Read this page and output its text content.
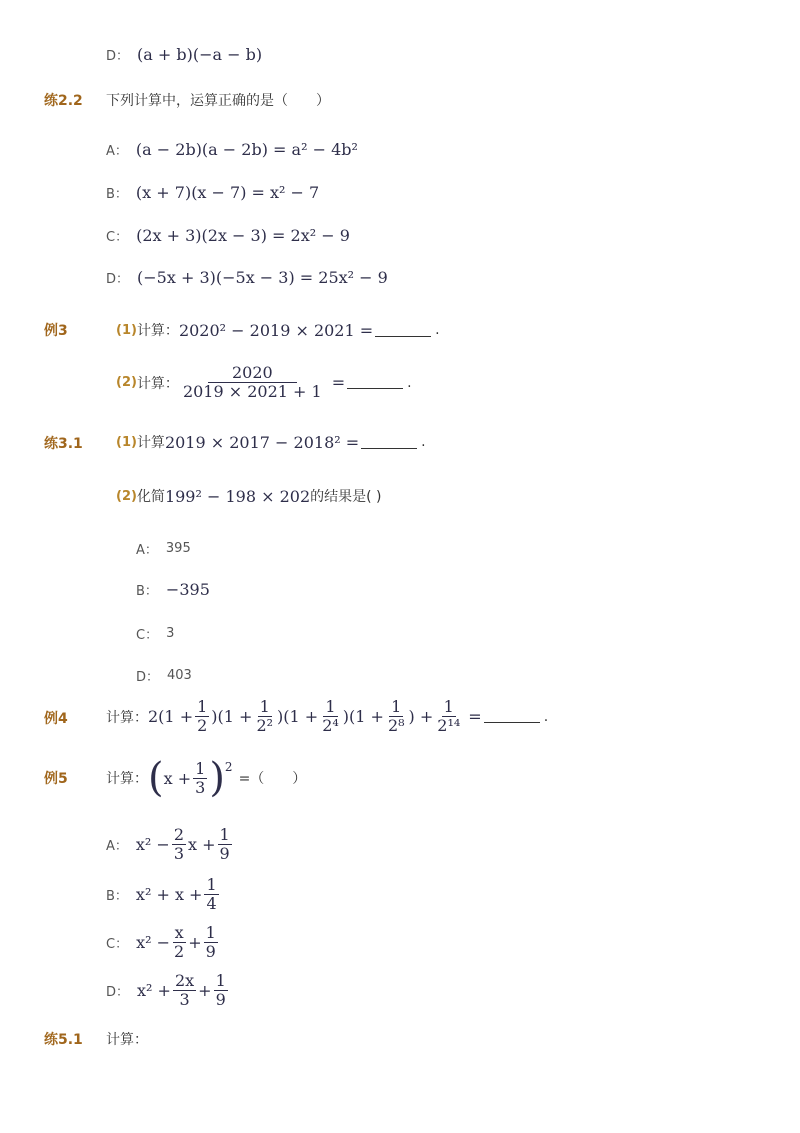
D： (a + b)(−a − b)
练2.2 下列计算中，运算正确的是（　　）
A： (a − 2b)(a − 2b) = a² − 4b²
B： (x + 7)(x − 7) = x² − 7
C： (2x + 3)(2x − 3) = 2x² − 9
D： (−5x + 3)(−5x − 3) = 25x² − 9
例3	(1) 计算： 2020² − 2019 × 2021 =	.
(2) 计算： $\frac{2020}{2019 \times 2021 + 1}$ =	.
练3.1	(1) 计算 2019 × 2017 − 2018² =	.
(2) 化简 199² − 198 × 202 的结果是( )
A： 395
B： −395
C： 3
D： 403
例4	计算： $2(1 + \frac{1}{2} )(1 + \frac{1}{\text{2²}} )(1 + \frac{1}{\text{2⁴}} )(1 + \frac{1}{\text{2⁸}}$ ) + $\frac{1}{\text{2¹⁴}}$ =	.
例5	计算： ( $x + \frac{1}{3}$ ) 2
=（　　）
A： $x^2 - \frac{2}{3}$ $x + \frac{1}{9}$
B： $x^2 + x + \frac{1}{4}$
C： $x^2 - \frac{x}{2} + \frac{1}{9}$
D： $x^2 + \frac{2x}{3} + \frac{1}{9}$
练5.1 计算：
